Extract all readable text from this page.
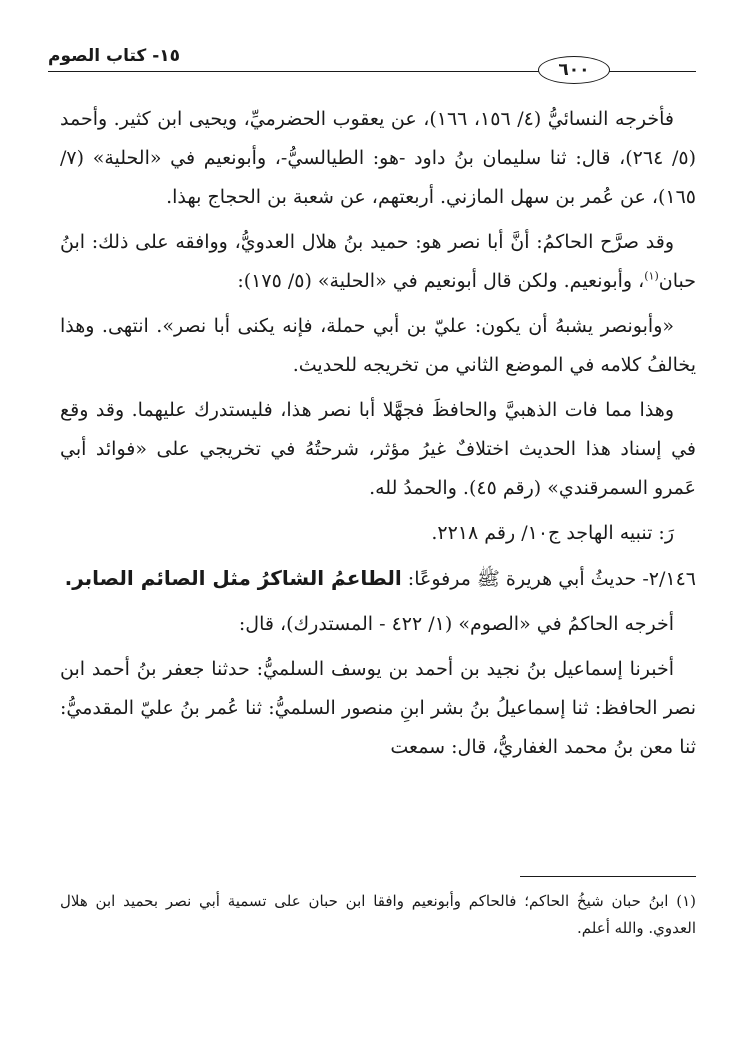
١٥- كتاب الصوم
٦٠٠

فأخرجه النسائيُّ (٤/ ١٥٦، ١٦٦)، عن يعقوب الحضرميِّ، ويحيى ابن كثير. وأحمد (٥/ ٢٦٤)، قال: ثنا سليمان بنُ داود -هو: الطيالسيُّ-، وأبونعيم في «الحلية» (٧/ ١٦٥)، عن عُمر بن سهل المازني. أربعتهم، عن شعبة بن الحجاج بهذا.

وقد صرَّح الحاكمُ: أنَّ أبا نصر هو: حميد بنُ هلال العدويُّ، ووافقه على ذلك: ابنُ حبان$^{(١)}$، وأبونعيم. ولكن قال أبونعيم في «الحلية» (٥/ ١٧٥):

«وأبونصر يشبهُ أن يكون: عليّ بن أبي حملة، فإنه يكنى أبا نصر». انتهى. وهذا يخالفُ كلامه في الموضع الثاني من تخريجه للحديث.

وهذا مما فات الذهبيَّ والحافظَ فجهَّلا أبا نصر هذا، فليستدرك عليهما. وقد وقع في إسناد هذا الحديث اختلافٌ غيرُ مؤثر، شرحتُهُ في تخريجي على «فوائد أبي عَمرو السمرقندي» (رقم ٤٥). والحمدُ لله.

رَ: تنبيه الهاجد ج١٠/ رقم ٢٢١٨.

٢/١٤٦- حديثُ أبي هريرة ﷺ مرفوعًا: الطاعمُ الشاكرُ مثل الصائم الصابر.

أخرجه الحاكمُ في «الصوم» (١/ ٤٢٢ - المستدرك)، قال:

أخبرنا إسماعيل بنُ نجيد بن أحمد بن يوسف السلميُّ: حدثنا جعفر بنُ أحمد ابن نصر الحافظ: ثنا إسماعيلُ بنُ بشر ابنِ منصور السلميُّ: ثنا عُمر بنُ عليّ المقدميُّ: ثنا معن بنُ محمد الغفاريُّ، قال: سمعت

(١) ابنُ حبان شيخُ الحاكم؛ فالحاكم وأبونعيم وافقا ابن حبان على تسمية أبي نصر بحميد ابن هلال العدوي. والله أعلم.
